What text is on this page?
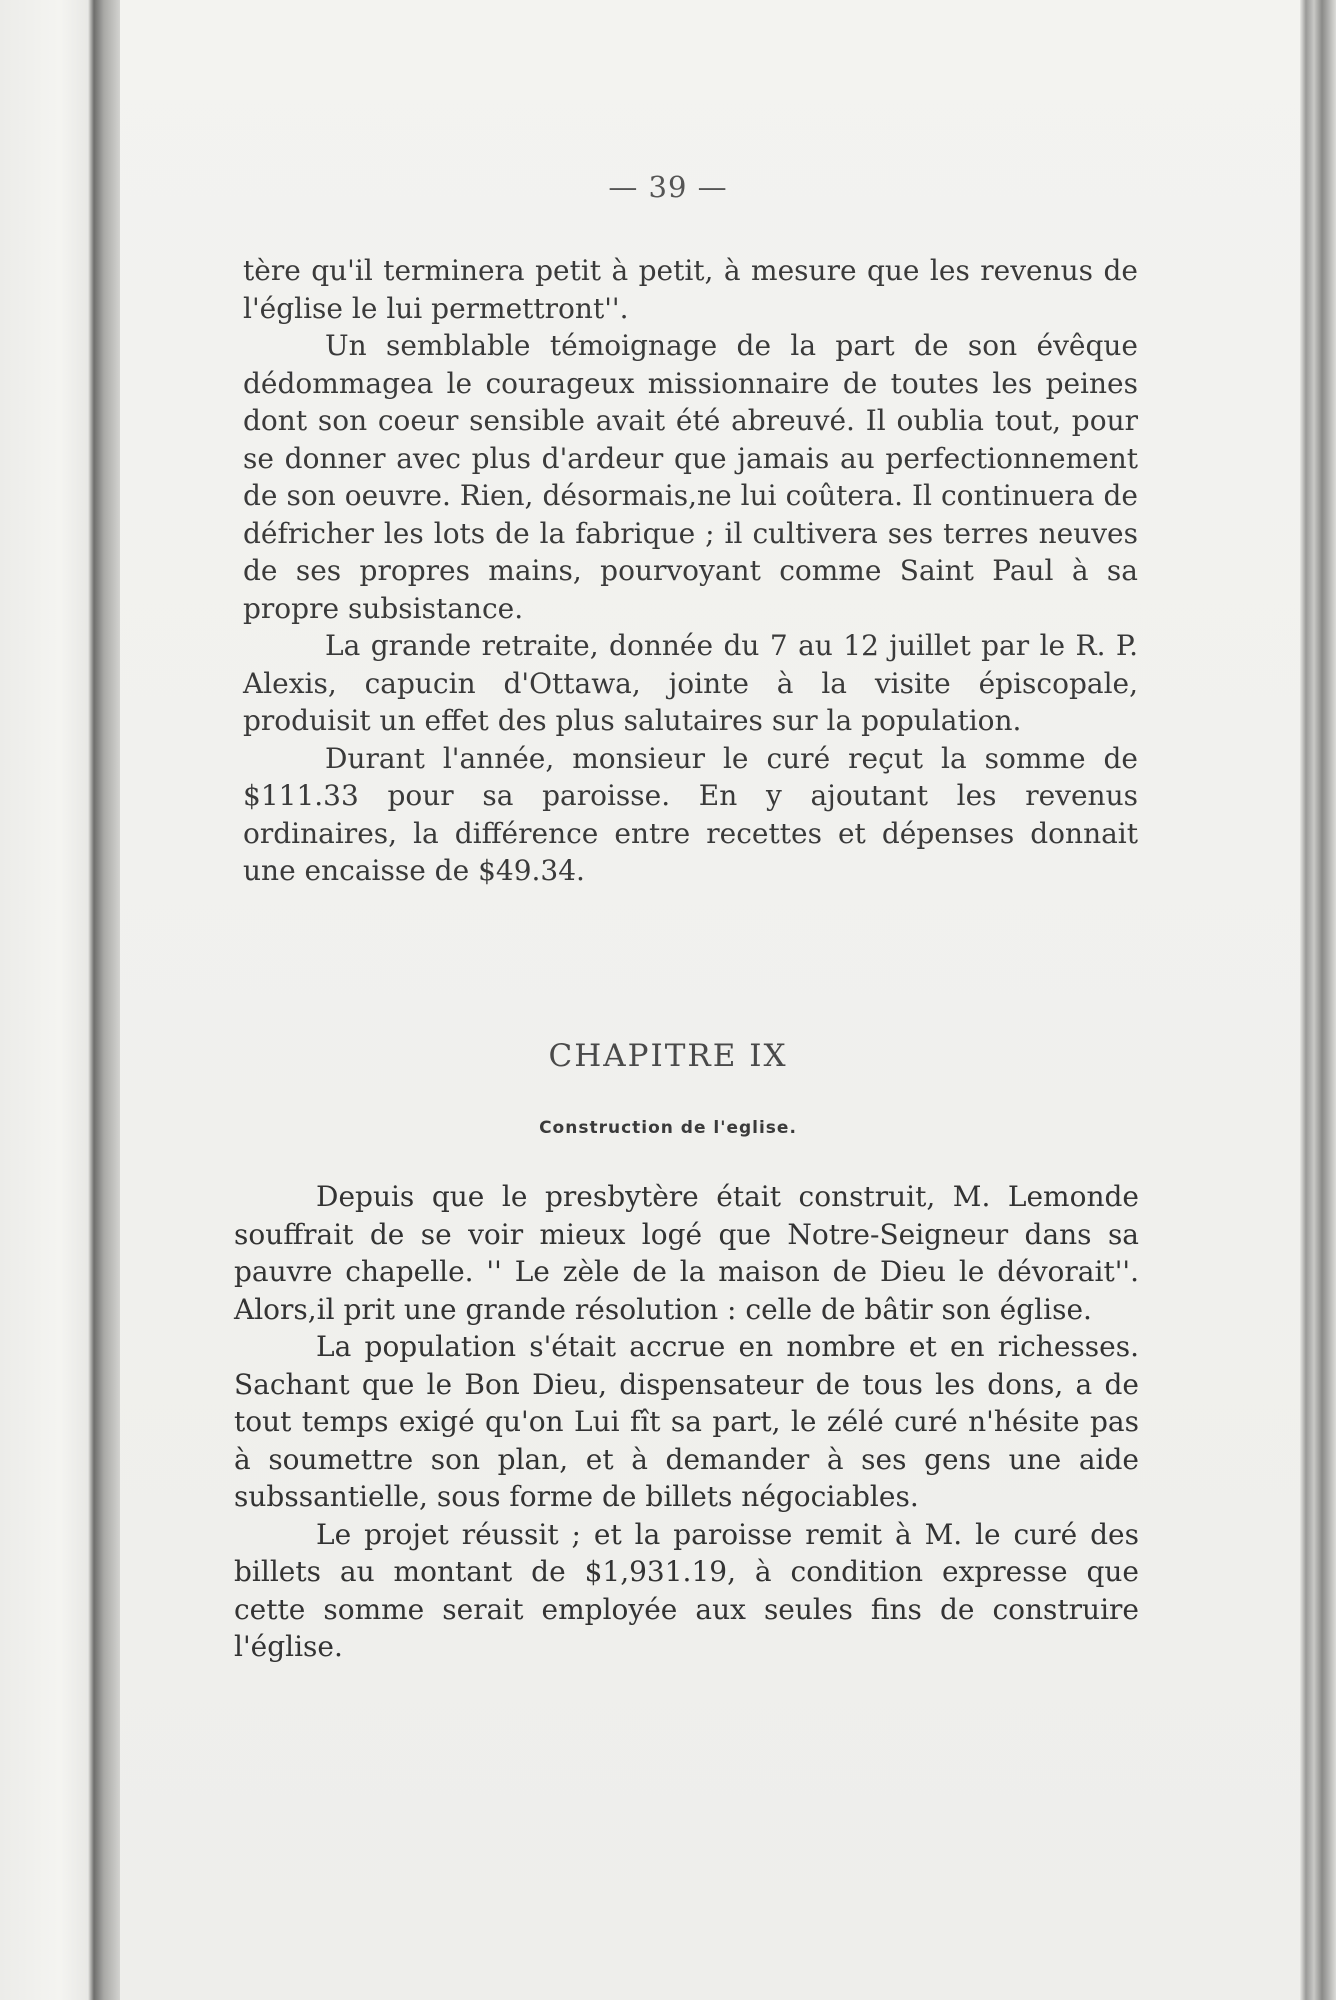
— 39 —

tère qu'il terminera petit à petit, à mesure que les revenus de l'église le lui permettront''.

Un semblable témoignage de la part de son évêque dédommagea le courageux missionnaire de toutes les peines dont son coeur sensible avait été abreuvé. Il oublia tout, pour se donner avec plus d'ardeur que jamais au perfectionnement de son oeuvre. Rien, désormais,ne lui coûtera. Il continuera de défricher les lots de la fabrique ; il cultivera ses terres neuves de ses propres mains, pourvoyant comme Saint Paul à sa propre subsistance.

La grande retraite, donnée du 7 au 12 juillet par le R. P. Alexis, capucin d'Ottawa, jointe à la visite épiscopale, produisit un effet des plus salutaires sur la population.

Durant l'année, monsieur le curé reçut la somme de $111.33 pour sa paroisse. En y ajoutant les revenus ordinaires, la différence entre recettes et dépenses donnait une encaisse de $49.34.

CHAPITRE IX
Construction de l'eglise.

Depuis que le presbytère était construit, M. Lemonde souffrait de se voir mieux logé que Notre-Seigneur dans sa pauvre chapelle. '' Le zèle de la maison de Dieu le dévorait''. Alors,il prit une grande résolution : celle de bâtir son église.

La population s'était accrue en nombre et en richesses. Sachant que le Bon Dieu, dispensateur de tous les dons, a de tout temps exigé qu'on Lui fît sa part, le zélé curé n'hésite pas à soumettre son plan, et à demander à ses gens une aide subssantielle, sous forme de billets négociables.

Le projet réussit ; et la paroisse remit à M. le curé des billets au montant de $1,931.19, à condition expresse que cette somme serait employée aux seules fins de construire l'église.
